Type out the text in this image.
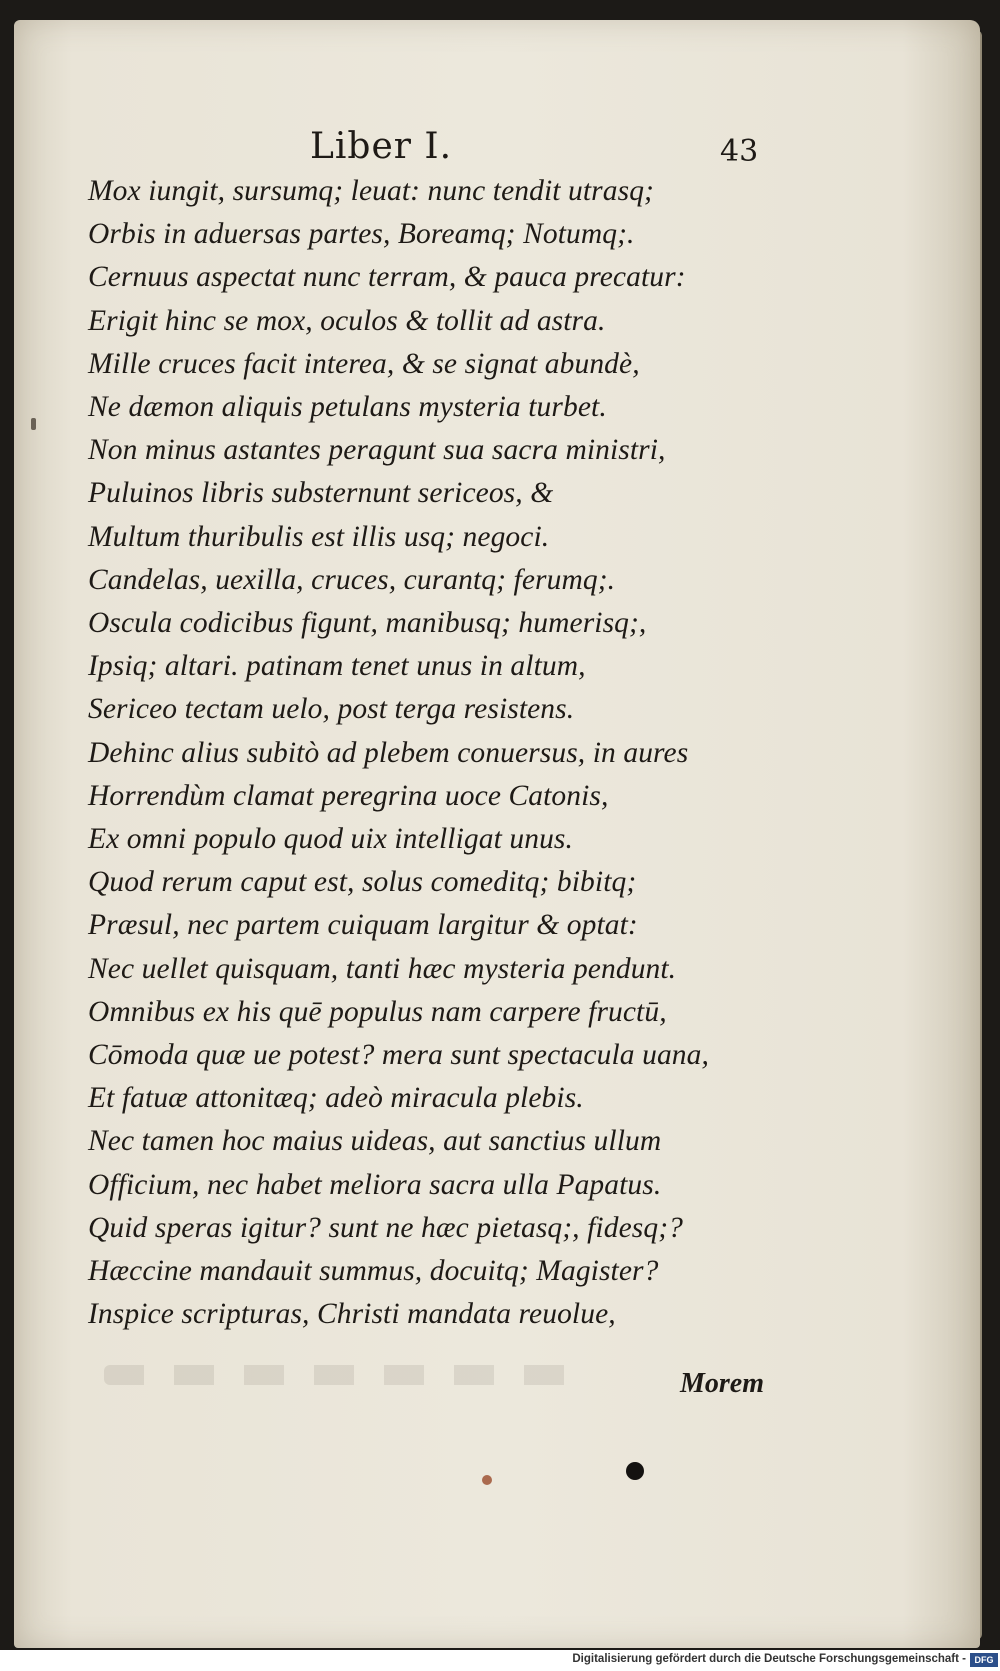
Liber I.	43
Mox iungit, sursumq; leuat: nunc tendit utrasq;
Orbis in aduersas partes, Boreamq; Notumq;.
Cernuus aspectat nunc terram, & pauca precatur:
Erigit hinc se mox, oculos & tollit ad astra.
Mille cruces facit interea, & se signat abundè,
Ne dæmon aliquis petulans mysteria turbet.
Non minus astantes peragunt sua sacra ministri,
Puluinos libris substernunt sericeos, &
Multum thuribulis est illis usq; negoci.
Candelas, uexilla, cruces, curantq; ferumq;.
Oscula codicibus figunt, manibusq; humerisq;,
Ipsiq; altari. patinam tenet unus in altum,
Sericeo tectam uelo, post terga resistens.
Dehinc alius subitò ad plebem conuersus, in aures
Horrendùm clamat peregrina uoce Catonis,
Ex omni populo quod uix intelligat unus.
Quod rerum caput est, solus comeditq; bibitq;
Præsul, nec partem cuiquam largitur & optat:
Nec uellet quisquam, tanti hæc mysteria pendunt.
Omnibus ex his quē populus nam carpere fructū,
Cōmoda quæ ue potest? mera sunt spectacula uana,
Et fatuæ attonitæq; adeò miracula plebis.
Nec tamen hoc maius uideas, aut sanctius ullum
Officium, nec habet meliora sacra ulla Papatus.
Quid speras igitur? sunt ne hæc pietasq;, fidesq;?
Hæccine mandauit summus, docuitq; Magister?
Inspice scripturas, Christi mandata reuolue,
Morem
Digitalisierung gefördert durch die Deutsche Forschungsgemeinschaft - DFG
